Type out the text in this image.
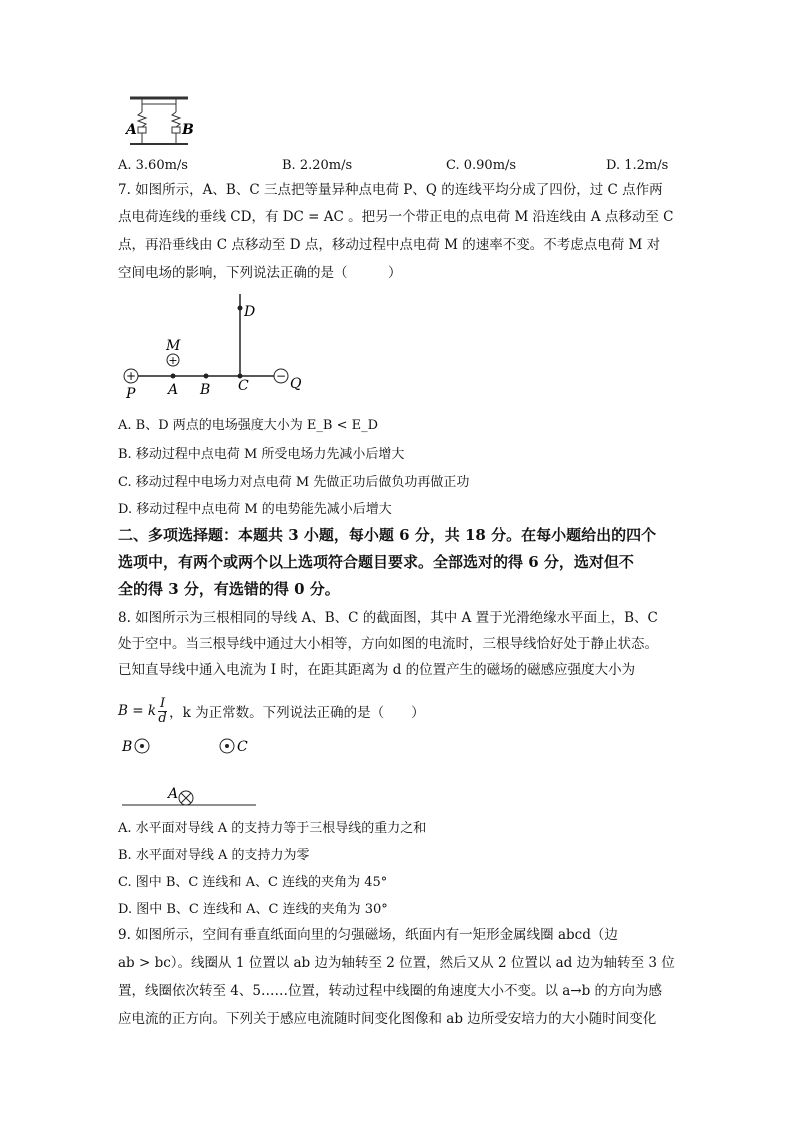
A	B
A. 3.60m/s	B. 2.20m/s	C. 0.90m/s	D. 1.2m/s
7. 如图所示，A、B、C 三点把等量异种点电荷 P、Q 的连线平均分成了四份，过 C 点作两
点电荷连线的垂线 CD，有 DC = AC 。把另一个带正电的点电荷 M 沿连线由 A 点移动至 C
点，再沿垂线由 C 点移动至 D 点，移动过程中点电荷 M 的速率不变。不考虑点电荷 M 对
空间电场的影响，下列说法正确的是（　　　）
D
M
+
+	−
P A B C	Q
A. B、D 两点的电场强度大小为 E_B < E_D
B. 移动过程中点电荷 M 所受电场力先减小后增大
C. 移动过程中电场力对点电荷 M 先做正功后做负功再做正功
D. 移动过程中点电荷 M 的电势能先减小后增大
二、多项选择题：本题共 3 小题，每小题 6 分，共 18 分。在每小题给出的四个
选项中，有两个或两个以上选项符合题目要求。全部选对的得 6 分，选对但不
全的得 3 分，有选错的得 0 分。
8. 如图所示为三根相同的导线 A、B、C 的截面图，其中 A 置于光滑绝缘水平面上，B、C
处于空中。当三根导线中通过大小相等，方向如图的电流时，三根导线恰好处于静止状态。
已知直导线中通入电流为 I 时，在距其距离为 d 的位置产生的磁场的磁感应强度大小为
B = k $\frac{I}{d}$ ，k 为正常数。下列说法正确的是（　　）
B	C
A
A. 水平面对导线 A 的支持力等于三根导线的重力之和
B. 水平面对导线 A 的支持力为零
C. 图中 B、C 连线和 A、C 连线的夹角为 45°
D. 图中 B、C 连线和 A、C 连线的夹角为 30°
9. 如图所示，空间有垂直纸面向里的匀强磁场，纸面内有一矩形金属线圈 abcd（边
ab > bc）。线圈从 1 位置以 ab 边为轴转至 2 位置，然后又从 2 位置以 ad 边为轴转至 3 位
置，线圈依次转至 4、5……位置，转动过程中线圈的角速度大小不变。以 a→b 的方向为感
应电流的正方向。下列关于感应电流随时间变化图像和 ab 边所受安培力的大小随时间变化
